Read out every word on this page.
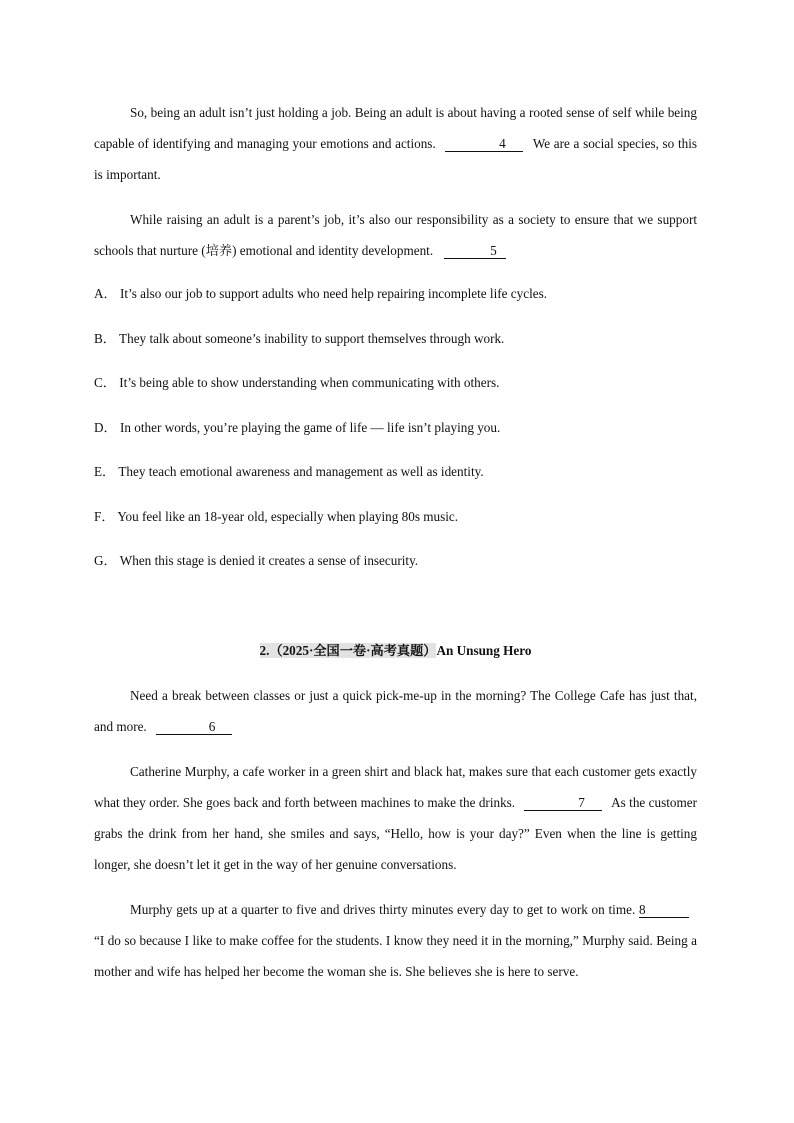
So, being an adult isn’t just holding a job. Being an adult is about having a rooted sense of self while being capable of identifying and managing your emotions and actions.	4 We are a social species, so this is important.

While raising an adult is a parent’s job, it’s also our responsibility as a society to ensure that we support schools that nurture (培养) emotional and identity development.	5

A． It’s also our job to support adults who need help repairing incomplete life cycles.

B． They talk about someone’s inability to support themselves through work.

C． It’s being able to show understanding when communicating with others.

D． In other words, you’re playing the game of life — life isn’t playing you.

E． They teach emotional awareness and management as well as identity.

F． You feel like an 18-year old, especially when playing 80s music.

G． When this stage is denied it creates a sense of insecurity.

2.（2025·全国一卷·高考真题）An Unsung Hero

Need a break between classes or just a quick pick-me-up in the morning? The College Cafe has just that, and more.	6

Catherine Murphy, a cafe worker in a green shirt and black hat, makes sure that each customer gets exactly what they order. She goes back and forth between machines to make the drinks.	7 As the customer grabs the drink from her hand, she smiles and says, “Hello, how is your day?” Even when the line is getting longer, she doesn’t let it get in the way of her genuine conversations.

Murphy gets up at a quarter to five and drives thirty minutes every day to get to work on time. 8 “I do so because I like to make coffee for the students. I know they need it in the morning,” Murphy said. Being a mother and wife has helped her become the woman she is. She believes she is here to serve.
